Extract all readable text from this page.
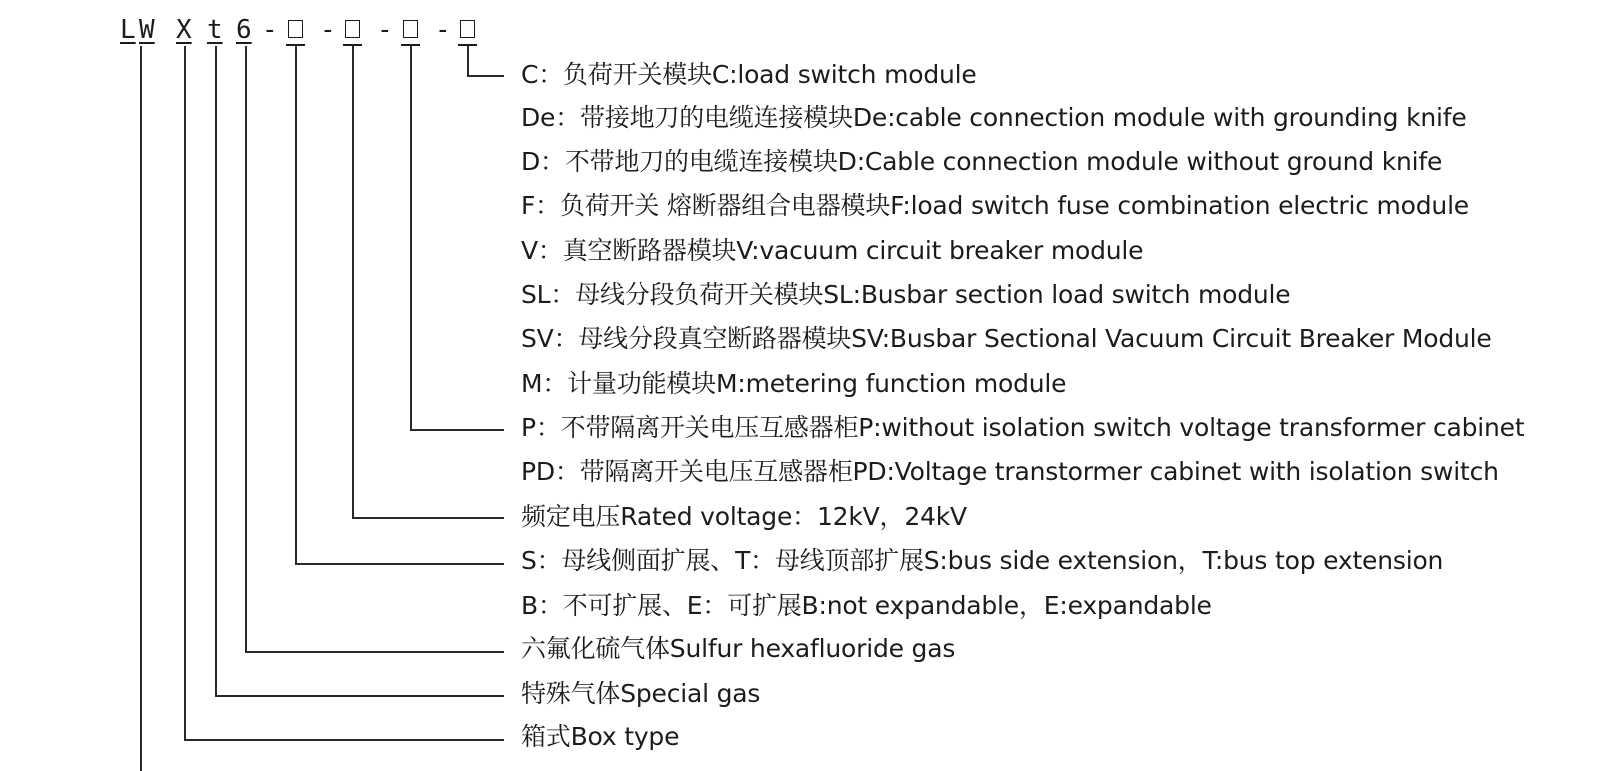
L W X t 6 - - - -
C：负荷开关模块C:load switch module
De：带接地刀的电缆连接模块De:cable connection module with grounding knife
D：不带地刀的电缆连接模块D:Cable connection module without ground knife
F：负荷开关 熔断器组合电器模块F:load switch fuse combination electric module
V：真空断路器模块V:vacuum circuit breaker module
SL：母线分段负荷开关模块SL:Busbar section load switch module
SV：母线分段真空断路器模块SV:Busbar Sectional Vacuum Circuit Breaker Module
M：计量功能模块M:metering function module
P：不带隔离开关电压互感器柜P:without isolation switch voltage transformer cabinet
PD：带隔离开关电压互感器柜PD:Voltage transtormer cabinet with isolation switch
频定电压Rated voltage：12kV，24kV
S：母线侧面扩展、T：母线顶部扩展S:bus side extension，T:bus top extension
B：不可扩展、E：可扩展B:not expandable，E:expandable
六氟化硫气体Sulfur hexafluoride gas
特殊气体Special gas
箱式Box type
